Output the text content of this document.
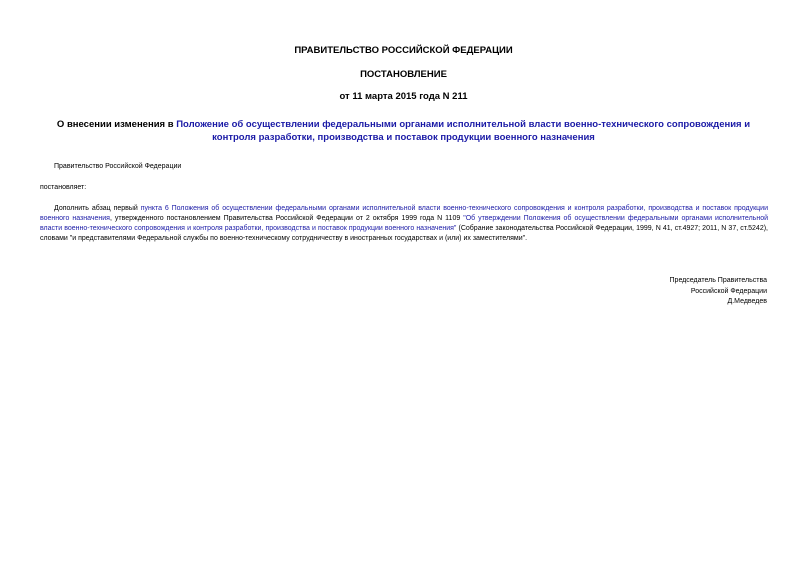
ПРАВИТЕЛЬСТВО РОССИЙСКОЙ ФЕДЕРАЦИИ
ПОСТАНОВЛЕНИЕ
от 11 марта 2015 года N 211
О внесении изменения в Положение об осуществлении федеральными органами исполнительной власти военно-технического сопровождения и контроля разработки, производства и поставок продукции военного назначения
Правительство Российской Федерации
постановляет:
Дополнить абзац первый пункта 6 Положения об осуществлении федеральными органами исполнительной власти военно-технического сопровождения и контроля разработки, производства и поставок продукции военного назначения, утвержденного постановлением Правительства Российской Федерации от 2 октября 1999 года N 1109 "Об утверждении Положения об осуществлении федеральными органами исполнительной власти военно-технического сопровождения и контроля разработки, производства и поставок продукции военного назначения" (Собрание законодательства Российской Федерации, 1999, N 41, ст.4927; 2011, N 37, ст.5242), словами "и представителями Федеральной службы по военно-техническому сотрудничеству в иностранных государствах и (или) их заместителями".
Председатель Правительства
Российской Федерации
Д.Медведев
